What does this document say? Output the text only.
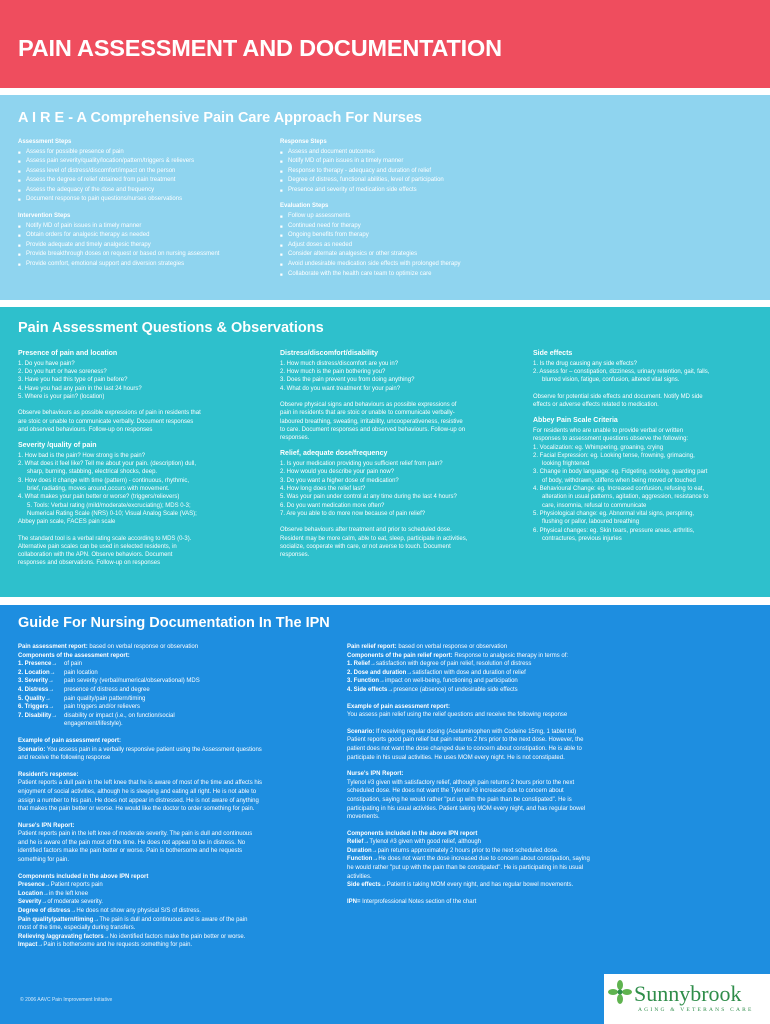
PAIN ASSESSMENT AND DOCUMENTATION
A I R E - A Comprehensive Pain Care Approach For Nurses
Assessment Steps
■ Assess for possible presence of pain
■ Assess pain severity/quality/location/pattern/triggers & relievers
■ Assess level of distress/discomfort/impact on the person
■ Assess the degree of relief obtained from pain treatment
■ Assess the adequacy of the dose and frequency
■ Document response to pain questions/nurses observations
Intervention Steps
■ Notify MD of pain issues in a timely manner
■ Obtain orders for analgesic therapy as needed
■ Provide adequate and timely analgesic therapy
■ Provide breakthrough doses on request or based on nursing assessment
■ Provide comfort, emotional support and diversion strategies
Response Steps
■ Assess and document outcomes
■ Notify MD of pain issues in a timely manner
■ Response to therapy - adequacy and duration of relief
■ Degree of distress, functional abilities, level of participation
■ Presence and severity of medication side effects
Evaluation Steps
■ Follow up assessments
■ Continued need for therapy
■ Ongoing benefits from therapy
■ Adjust doses as needed
■ Consider alternate analgesics or other strategies
■ Avoid undesirable medication side effects with prolonged therapy
■ Collaborate with the health care team to optimize care
Pain Assessment Questions & Observations
Presence of pain and location
1. Do you have pain?
2. Do you hurt or have soreness?
3. Have you had this type of pain before?
4. Have you had any pain in the last 24 hours?
5. Where is your pain? (location)
Observe behaviours as possible expressions of pain in residents that
are stoic or unable to communicate verbally. Document responses
and observed behaviours. Follow-up on responses
Severity /quality of pain
1. How bad is the pain? How strong is the pain?
2. What does it feel like? Tell me about your pain. (description) dull,
sharp, burning, stabbing, electrical shocks, deep.
3. How does it change with time (pattern) - continuous, rhythmic,
brief, radiating, moves around,occurs with movement.
4. What makes your pain better or worse? (triggers/relievers)
5. Tools: Verbal rating (mild/moderate/excruciating); MDS 0-3;
Numerical Rating Scale (NRS) 0-10; Visual Analog Scale (VAS);
Abbey pain scale, FACES pain scale
The standard tool is a verbal rating scale according to MDS (0-3).
Alternative pain scales can be used in selected residents, in
collaboration with the APN. Observe behaviors. Document
responses and observations. Follow-up on responses
Distress/discomfort/disability
1. How much distress/discomfort are you in?
2. How much is the pain bothering you?
3. Does the pain prevent you from doing anything?
4. What do you want treatment for your pain?
Observe physical signs and behaviours as possible expressions of
pain in residents that are stoic or unable to communicate verbally-
laboured breathing, sweating, irritability, uncooperativeness, resistive
to care. Document responses and observed behaviours. Follow-up on
responses.
Relief, adequate dose/frequency
1. Is your medication providing you sufficient relief from pain?
2. How would you describe your pain now?
3. Do you want a higher dose of medication?
4. How long does the relief last?
5. Was your pain under control at any time during the last 4 hours?
6. Do you want medication more often?
7. Are you able to do more now because of pain relief?
Observe behaviours after treatment and prior to scheduled dose.
Resident may be more calm, able to eat, sleep, participate in activities,
socialize, cooperate with care, or not averse to touch. Document
responses.
Side effects
1. Is the drug causing any side effects?
2. Assess for – constipation, dizziness, urinary retention, gait, falls,
blurred vision, fatigue, confusion, altered vital signs.
Observe for potential side effects and document. Notify MD side
effects or adverse effects related to medication.
Abbey Pain Scale Criteria
For residents who are unable to provide verbal or written
responses to assessment questions observe the following:
1. Vocalization: eg. Whimpering, groaning, crying
2. Facial Expression: eg. Looking tense, frowning, grimacing,
looking frightened
3. Change in body language: eg. Fidgeting, rocking, guarding part
of body, withdrawn, stiffens when being moved or touched
4. Behavioural Change: eg. Increased confusion, refusing to eat,
alteration in usual patterns, agitation, aggression, resistance to
care, insomnia, refusal to communicate
5. Physiological change: eg. Abnormal vital signs, perspiring,
flushing or pallor, laboured breathing
6. Physical changes: eg. Skin tears, pressure areas, arthritis,
contractures, previous injuries
Guide For Nursing Documentation In The IPN
Pain assessment report: based on verbal response or observation
Components of the assessment report:
1. Presence→ of pain
2. Location→ pain location
3. Severity→ pain severity (verbal/numerical/observational) MDS
4. Distress→ presence of distress and degree
5. Quality→ pain quality/pain pattern/timing
6. Triggers→ pain triggers and/or relievers
7. Disability→ disability or impact (i.e., on function/social
engagement/lifestyle).
Example of pain assessment report:
Scenario: You assess pain in a verbally responsive patient using the Assessment questions
and receive the following response
Resident's response:
Patient reports a dull pain in the left knee that he is aware of most of the time and affects his
enjoyment of social activities, although he is sleeping and eating all right. He is not able to
assign a number to his pain. He does not appear in distressed. He is not aware of anything
that makes the pain better or worse. He would like the doctor to order something for pain.
Nurse's IPN Report:
Patient reports pain in the left knee of moderate severity. The pain is dull and continuous
and he is aware of the pain most of the time. He does not appear to be in distress. No
identified factors make the pain better or worse. Pain is bothersome and he requests
something for pain.
Components included in the above IPN report
Presence→Patient reports pain
Location→in the left knee
Severity→of moderate severity.
Degree of distress→He does not show any physical S/S of distress.
Pain quality/pattern/timing→The pain is dull and continuous and is aware of the pain
most of the time, especially during transfers.
Relieving /aggravating factors→No identified factors make the pain better or worse.
Impact→Pain is bothersome and he requests something for pain.
Pain relief report: based on verbal response or observation
Components of the pain relief report: Response to analgesic therapy in terms of:
1. Relief→satisfaction with degree of pain relief, resolution of distress
2. Dose and duration→satisfaction with dose and duration of relief
3. Function→impact on well-being, functioning and participation
4. Side effects→presence (absence) of undesirable side effects
Example of pain assessment report:
You assess pain relief using the relief questions and receive the following response
Scenario: If receiving regular dosing (Acetaminophen with Codeine 15mg, 1 tablet tid)
Patient reports good pain relief but pain returns 2 hrs prior to the next dose. However, the
patient does not want the dose changed due to concern about constipation. He is able to
participate in his usual activities. He uses MOM every night. He is not constipated.
Nurse's IPN Report:
Tylenol #3 given with satisfactory relief, although pain returns 2 hours prior to the next
scheduled dose. He does not want the Tylenol #3 increased due to concern about
constipation, saying he would rather "put up with the pain than be constipated". He is
participating in his usual activities. Patient taking MOM every night, and has regular bowel
movements.
Components included in the above IPN report
Relief→Tylenol #3 given with good relief, although
Duration→pain returns approximately 2 hours prior to the next scheduled dose.
Function→He does not want the dose increased due to concern about constipation, saying
he would rather "put up with the pain than be constipated". He is participating in his usual
activities.
Side effects→Patient is taking MOM every night, and has regular bowel movements.
IPN= Interprofessional Notes section of the chart
© 2006 AAVC Pain Improvement Initiative	Sunnybrook
AGING & VETERANS CARE
